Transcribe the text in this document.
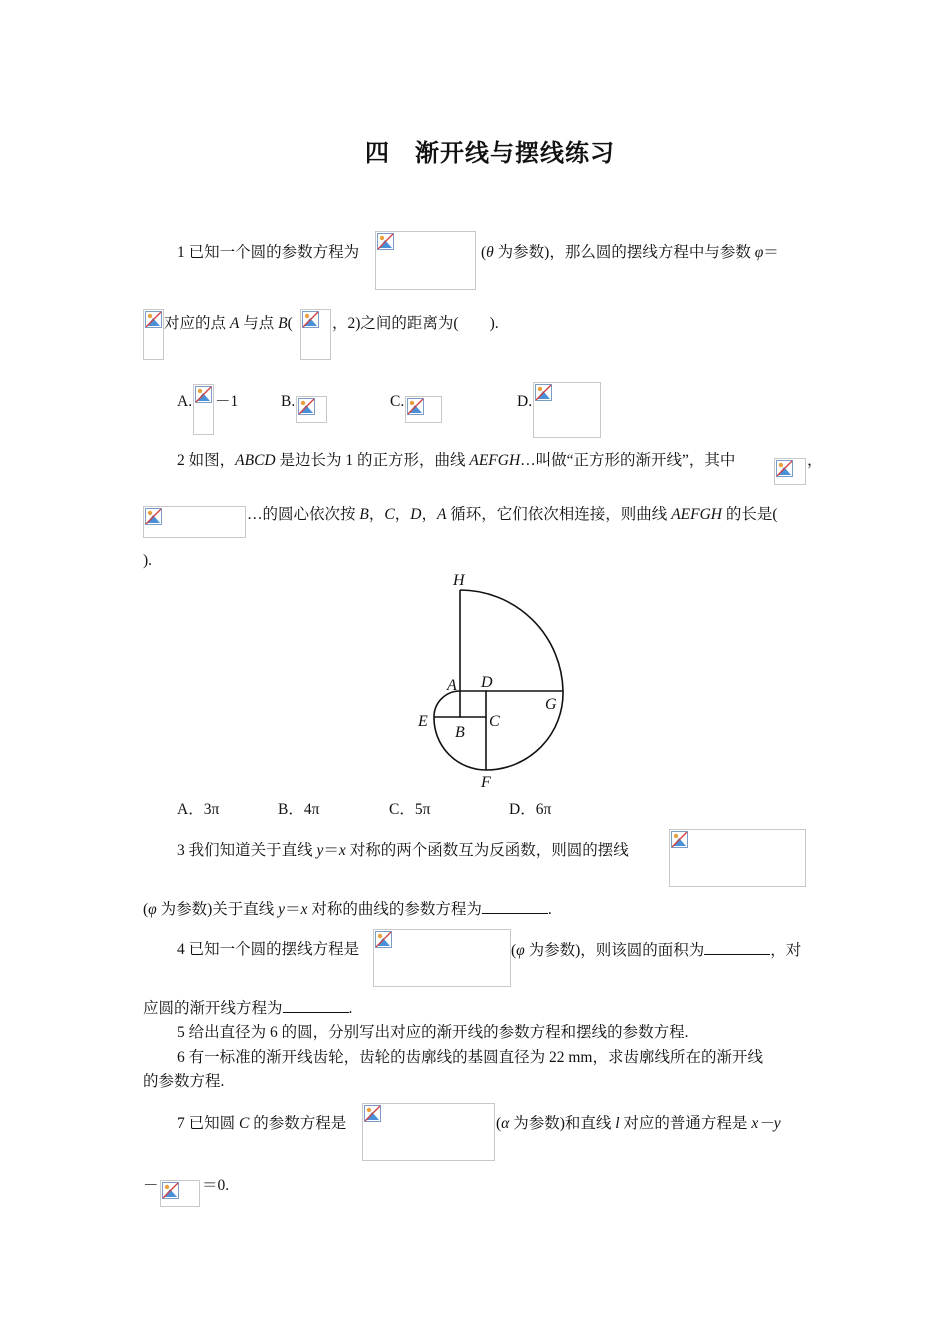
四　渐开线与摆线练习
1 已知一个圆的参数方程为	(θ 为参数)，那么圆的摆线方程中与参数 φ＝
对应的点 A 与点 B(	，2)之间的距离为(　　).
A. －1	B.	C.	D.
2 如图，ABCD 是边长为 1 的正方形，曲线 AEFGH…叫做“正方形的渐开线”，其中	，
…的圆心依次按 B，C，D，A 循环，它们依次相连接，则曲线 AEFGH 的长是(
).
H
A D
G
E
B
C
F
A．3π	B．4π	C．5π	D．6π
3 我们知道关于直线 y＝x 对称的两个函数互为反函数，则圆的摆线
(φ 为参数)关于直线 y＝x 对称的曲线的参数方程为	.
4 已知一个圆的摆线方程是	(φ 为参数)，则该圆的面积为	，对
应圆的渐开线方程为	.
5 给出直径为 6 的圆，分别写出对应的渐开线的参数方程和摆线的参数方程.
6 有一标准的渐开线齿轮，齿轮的齿廓线的基圆直径为 22 mm，求齿廓线所在的渐开线
的参数方程.
7 已知圆 C 的参数方程是	(α 为参数)和直线 l 对应的普通方程是 x－y
－	＝0.
